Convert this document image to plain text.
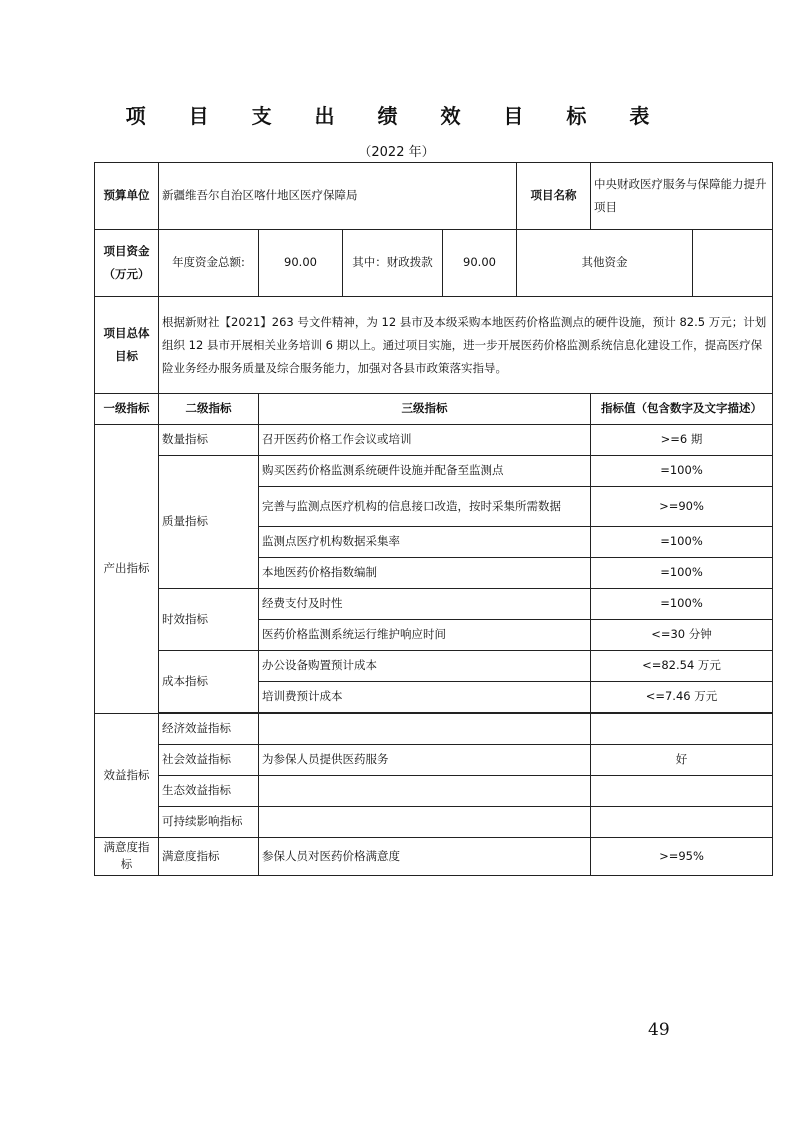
项 目 支 出 绩 效 目 标 表
（2022 年）
预算单位	新疆维吾尔自治区喀什地区医疗保障局				项目名称	中央财政医疗服务与保障能力提升项目	
项目资金（万元）	年度资金总额:	90.00	其中：财政拨款	90.00	其他资金		
项目总体目标	根据新财社【2021】263 号文件精神，为 12 县市及本级采购本地医药价格监测点的硬件设施，预计 82.5 万元；计划组织 12 县市开展相关业务培训 6 期以上。通过项目实施，进一步开展医药价格监测系统信息化建设工作，提高医疗保险业务经办服务质量及综合服务能力，加强对各县市政策落实指导。						
一级指标	二级指标	三级指标				指标值（包含数字及文字描述）	
产出指标	数量指标	召开医药价格工作会议或培训				>=6 期	
	质量指标	购买医药价格监测系统硬件设施并配备至监测点				=100%	
		完善与监测点医疗机构的信息接口改造，按时采集所需数据				>=90%	
		监测点医疗机构数据采集率				=100%	
		本地医药价格指数编制				=100%	
	时效指标	经费支付及时性				=100%	
		医药价格监测系统运行维护响应时间				<=30 分钟	
	成本指标	办公设备购置预计成本				<=82.54 万元	
		培训费预计成本				<=7.46 万元	

效益指标	经济效益指标						
	社会效益指标	为参保人员提供医药服务				好	
	生态效益指标						
	可持续影响指标						
满意度指标	满意度指标	参保人员对医药价格满意度				>=95%	
49
